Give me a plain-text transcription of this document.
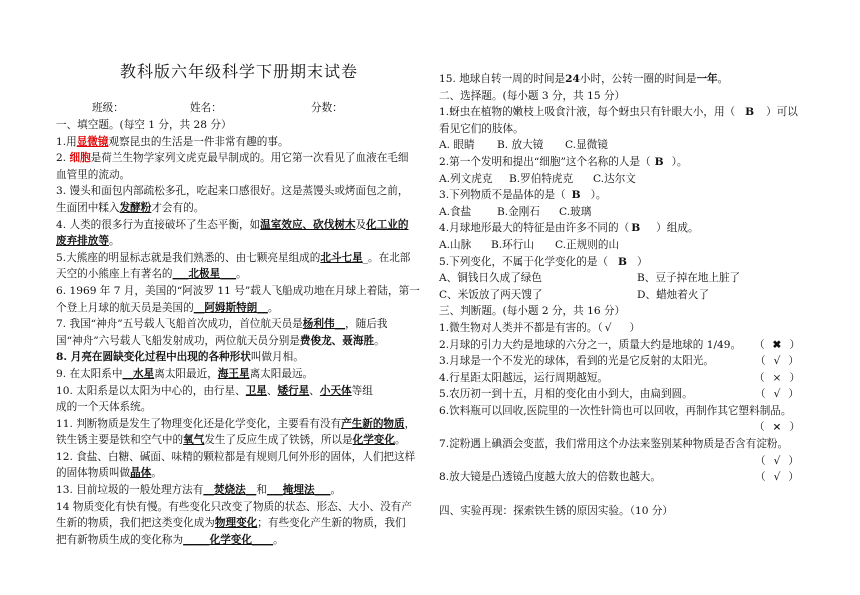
教科版六年级科学下册期末试卷
班级：	姓名：	分数：
一、填空题。(每空 1 分，共 28 分）
1.用显微镜观察昆虫的生活是一件非常有趣的事。
2. 细胞是荷兰生物学家列文虎克最早制成的。用它第一次看见了血液在毛细
血管里的流动。
3. 馒头和面包内部疏松多孔，吃起来口感很好。这是蒸馒头或烤面包之前，
生面团中糅入发酵粉才会有的。
4. 人类的很多行为直接破坏了生态平衡，如温室效应、砍伐树木及化工业的
废弃排放等。
5.大熊座的明显标志就是我们熟悉的、由七颗亮星组成的北斗七星_。在北部
天空的小熊座上有著名的___北极星___。
6. 1969 年 7 月，美国的“阿波罗 11 号”载人飞船成功地在月球上着陆，第一
个登上月球的航天员是美国的__阿姆斯特朗__。
7. 我国“神舟”五号载人飞船首次成功，首位航天员是杨利伟__，随后我
国“神舟”六号载人飞船发射成功，两位航天员分别是费俊龙、聂海胜。
8. 月亮在圆缺变化过程中出现的各种形状叫做月相。
9. 在太阳系中__水星离太阳最近，海王星离太阳最远。
10. 太阳系是以太阳为中心的，由行星、卫星、矮行星、小天体等组
成的一个天体系统。
11. 判断物质是发生了物理变化还是化学变化，主要看有没有产生新的物质，
铁生锈主要是铁和空气中的氧气发生了反应生成了铁锈，所以是化学变化。
12. 食盐、白糖、碱面、味精的颗粒都是有规则几何外形的固体，人们把这样
的固体物质叫做晶体。
13. 目前垃圾的一般处理方法有__焚烧法__和___掩埋法___。
14 物质变化有快有慢。有些变化只改变了物质的状态、形态、大小、没有产
生新的物质，我们把这类变化成为物理变化；有些变化产生新的物质，我们
把有新物质生成的变化称为_____化学变化____。
15. 地球自转一周的时间是24小时，公转一圈的时间是一年。
二、选择题。(每小题 3 分，共 15 分）
1.蚜虫在植物的嫩枝上吸食汁液，每个蚜虫只有针眼大小，用（ B ）可以
看见它们的肢体。
A. 眼睛	B. 放大镜	C.显微镜
2.第一个发明和提出“细胞”这个名称的人是（ B ）。
A.列文虎克	B.罗伯特虎克	C.达尔文
3.下列物质不是晶体的是（ B ）。
A.食盐	B.金刚石	C.玻璃
4.月球地形最大的特征是由许多不同的（ B ）组成。
A.山脉	B.环行山	C.正规则的山
5.下列变化，不属于化学变化的是（ B ）
A、铜钱日久成了绿色	B、豆子掉在地上脏了
C、米饭放了两天馊了	D、蜡烛着火了
三、判断题。(每小题 2 分，共 16 分）
1.微生物对人类并不都是有害的。（ √ ）
2.月球的引力大约是地球的六分之一，质量大约是地球的 1/49。	（ ✖ ）
3.月球是一个不发光的球体，看到的光是它反射的太阳光。	（ √ ）
4.行星距太阳越远，运行周期越短。	（ × ）
5.农历初一到十五，月相的变化由小到大，由扁到圆。	（ √ ）
6.饮料瓶可以回收,医院里的一次性针筒也可以回收，再制作其它塑料制品。
（ × ）
7.淀粉遇上碘酒会变蓝，我们常用这个办法来鉴别某种物质是否含有淀粉。
（ √ ）
8.放大镜是凸透镜凸度越大放大的倍数也越大。	（ √ ）
四、实验再现：探索铁生锈的原因实验。（10 分）
